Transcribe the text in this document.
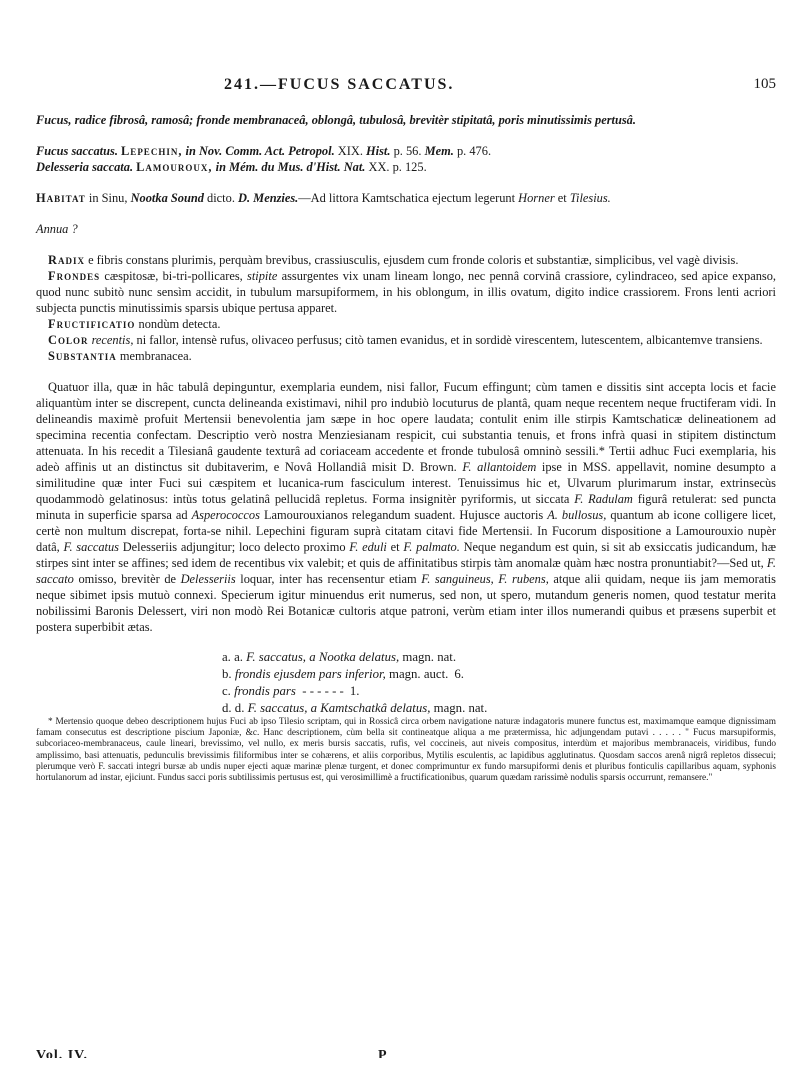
241.—FUCUS SACCATUS.	105

Fucus, radice fibrosâ, ramosâ; fronde membranaceâ, oblongâ, tubulosâ, brevitèr stipitatâ, poris minutissimis pertusâ.

Fucus saccatus. Lepechin, in Nov. Comm. Act. Petropol. XIX. Hist. p. 56. Mem. p. 476.

Delesseria saccata. Lamouroux, in Mém. du Mus. d'Hist. Nat. XX. p. 125.

Habitat in Sinu, Nootka Sound dicto. D. Menzies.—Ad littora Kamtschatica ejectum legerunt Horner et Tilesius.

Annua ?

Radix e fibris constans plurimis, perquàm brevibus, crassiusculis, ejusdem cum fronde coloris et substantiæ, simplicibus, vel vagè divisis.

Frondes cæspitosæ, bi-tri-pollicares, stipite assurgentes vix unam lineam longo, nec pennâ corvinâ crassiore, cylindraceo, sed apice expanso, quod nunc subitò nunc sensìm accidit, in tubulum marsupiformem, in his oblongum, in illis ovatum, digito indice crassiorem. Frons lenti acriori subjecta punctis minutissimis sparsis ubique pertusa apparet.

Fructificatio nondùm detecta.

Color recentis, ni fallor, intensè rufus, olivaceo perfusus; citò tamen evanidus, et in sordidè virescentem, lutescentem, albicantemve transiens.

Substantia membranacea.

Quatuor illa, quæ in hâc tabulâ depinguntur, exemplaria eundem, nisi fallor, Fucum effingunt; cùm tamen e dissitis sint accepta locis et facie aliquantùm inter se discrepent, cuncta delineanda existimavi, nihil pro indubiò locuturus de plantâ, quam neque recentem neque fructiferam vidi. In delineandis maximè profuit Mertensii benevolentia jam sæpe in hoc opere laudata; contulit enim ille stirpis Kamtschaticæ delineationem ad specimina recentia confectam. Descriptio verò nostra Menziesianam respicit, cui substantia tenuis, et frons infrà quasi in stipitem distinctum attenuata. In his recedit a Tilesianâ gaudente texturâ ad coriaceam accedente et fronde tubulosâ omninò sessili.* Tertii adhuc Fuci exemplaria, his adeò affinis ut an distinctus sit dubitaverim, e Novâ Hollandiâ misit D. Brown. F. allantoidem ipse in MSS. appellavit, nomine desumpto a similitudine quæ inter Fuci sui cæspitem et lucanica-rum fasciculum interest. Tenuissimus hic et, Ulvarum plurimarum instar, extrinsecùs quodammodò gelatinosus: intùs totus gelatinâ pellucidâ repletus. Forma insignitèr pyriformis, ut siccata F. Radulam figurâ retulerat: sed puncta minuta in superficie sparsa ad Asperococcos Lamourouxianos relegandum suadent. Hujusce auctoris A. bullosus, quantum ab icone colligere licet, certè non multum discrepat, forta-se nihil. Lepechini figuram suprà citatam citavi fide Mertensii. In Fucorum dispositione a Lamourouxio nupèr datâ, F. saccatus Delesseriis adjungitur; loco delecto proximo F. eduli et F. palmato. Neque negandum est quin, si sit ab exsiccatis judicandum, hæ stirpes sint inter se affines; sed idem de recentibus vix valebit; et quis de affinitatibus stirpis tàm anomalæ quàm hæc nostra pronuntiabit?—Sed ut, F. saccato omisso, brevitèr de Delesseriis loquar, inter has recensentur etiam F. sanguineus, F. rubens, atque alii quidam, neque iis jam memoratis neque sibimet ipsis mutuò connexi. Specierum igitur minuendus erit numerus, sed non, ut spero, mutandum generis nomen, quod testatur merita nobilissimi Baronis Delessert, viri non modò Rei Botanicæ cultoris atque patroni, verùm etiam inter illos numerandi quibus et præsens superbit et postera superbibit ætas.

a. a.
F. saccatus,
a Nootka delatus,
magn. nat.
b.
frondis ejusdem pars inferior,
magn. auct. 6.
c.
frondis pars
- - - - - - 1.
d. d.
F. saccatus, a Kamtschatkâ delatus,
magn. nat.

* Mertensio quoque debeo descriptionem hujus Fuci ab ipso Tilesio scriptam, qui in Rossicâ circa orbem navigatione naturæ indagatoris munere functus est, maximamque eamque dignissimam famam consecutus est descriptione piscium Japoniæ, &c. Hanc descriptionem, cùm bella sit contineatque aliqua a me prætermissa, hìc adjungendam putavi . . . . . " Fucus marsupiformis, subcoriaceo-membranaceus, caule lineari, brevissimo, vel nullo, ex meris bursis saccatis, rufis, vel coccineis, aut niveis compositus, interdùm et majoribus membranaceis, viridibus, fundo amplissimo, basi attenuatis, pedunculis brevissimis filiformibus inter se cohærens, et aliis corporibus, Mytilis esculentis, ac lapidibus agglutinatus. Quosdam saccos arenâ nigrâ repletos dissecui; plerumque verò F. saccati integri bursæ ab undis nuper ejecti aquæ marinæ plenæ turgent, et donec comprimuntur ex fundo marsupiformi denis et pluribus fonticulis capillaribus aquam, syphonis hortulanorum ad instar, ejiciunt. Fundus sacci poris subtilissimis pertusus est, qui verosimillimè a fructificationibus, quarum quædam rarissimè nodulis sparsis occurrunt, remansere."

Vol. IV.	P
